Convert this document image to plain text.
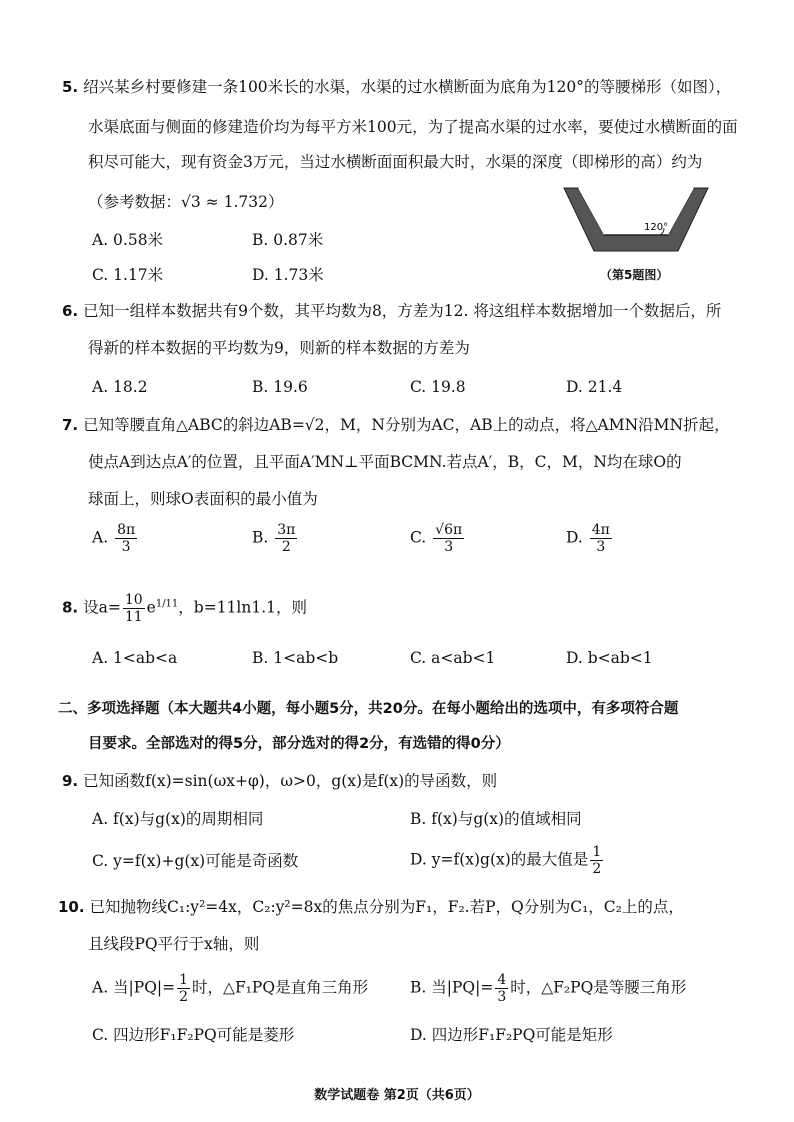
5. 绍兴某乡村要修建一条100米长的水渠，水渠的过水横断面为底角为120°的等腰梯形（如图），
水渠底面与侧面的修建造价均为每平方米100元，为了提高水渠的过水率，要使过水横断面的面
积尽可能大，现有资金3万元，当过水横断面面积最大时，水渠的深度（即梯形的高）约为
（参考数据：√3 ≈ 1.732）
A. 0.58米	B. 0.87米
C. 1.17米	D. 1.73米
120°
（第5题图）
6. 已知一组样本数据共有9个数，其平均数为8，方差为12. 将这组样本数据增加一个数据后，所
得新的样本数据的平均数为9，则新的样本数据的方差为
A. 18.2	B. 19.6	C. 19.8	D. 21.4
7. 已知等腰直角△ABC的斜边AB=√2，M，N分别为AC，AB上的动点，将△AMN沿MN折起，
使点A到达点A′的位置，且平面A′MN⊥平面BCMN.若点A′，B，C，M，N均在球O的
球面上，则球O表面积的最小值为
A. $\frac{8\pi}{3}$	B. $\frac{3\pi}{2}$	C. $\frac{√6\pi}{3}$	D. $\frac{4\pi}{3}$
8. 设$a= \frac{10}{11} e^{1/11}$，b=11ln1.1，则
A. 1<ab<a	B. 1<ab<b	C. a<ab<1	D. b<ab<1
二、多项选择题（本大题共4小题，每小题5分，共20分。在每小题给出的选项中，有多项符合题
目要求。全部选对的得5分，部分选对的得2分，有选错的得0分）
9. 已知函数f(x)=sin(ωx+φ)，ω>0，g(x)是f(x)的导函数，则
A. f(x)与g(x)的周期相同	B. f(x)与g(x)的值域相同
C. y=f(x)+g(x)可能是奇函数	D. y=f(x)g(x)的最大值是 $\frac{1}{2}$
10. 已知抛物线C₁:y²=4x，C₂:y²=8x的焦点分别为F₁，F₂.若P，Q分别为C₁，C₂上的点，
且线段PQ平行于x轴，则
A. 当$|PQ|= \frac{1}{2}$ 时，△F₁PQ是直角三角形	B. 当$|PQ|= \frac{4}{3}$ 时，△F₂PQ是等腰三角形
C. 四边形F₁F₂PQ可能是菱形	D. 四边形F₁F₂PQ可能是矩形
数学试题卷 第2页（共6页）
